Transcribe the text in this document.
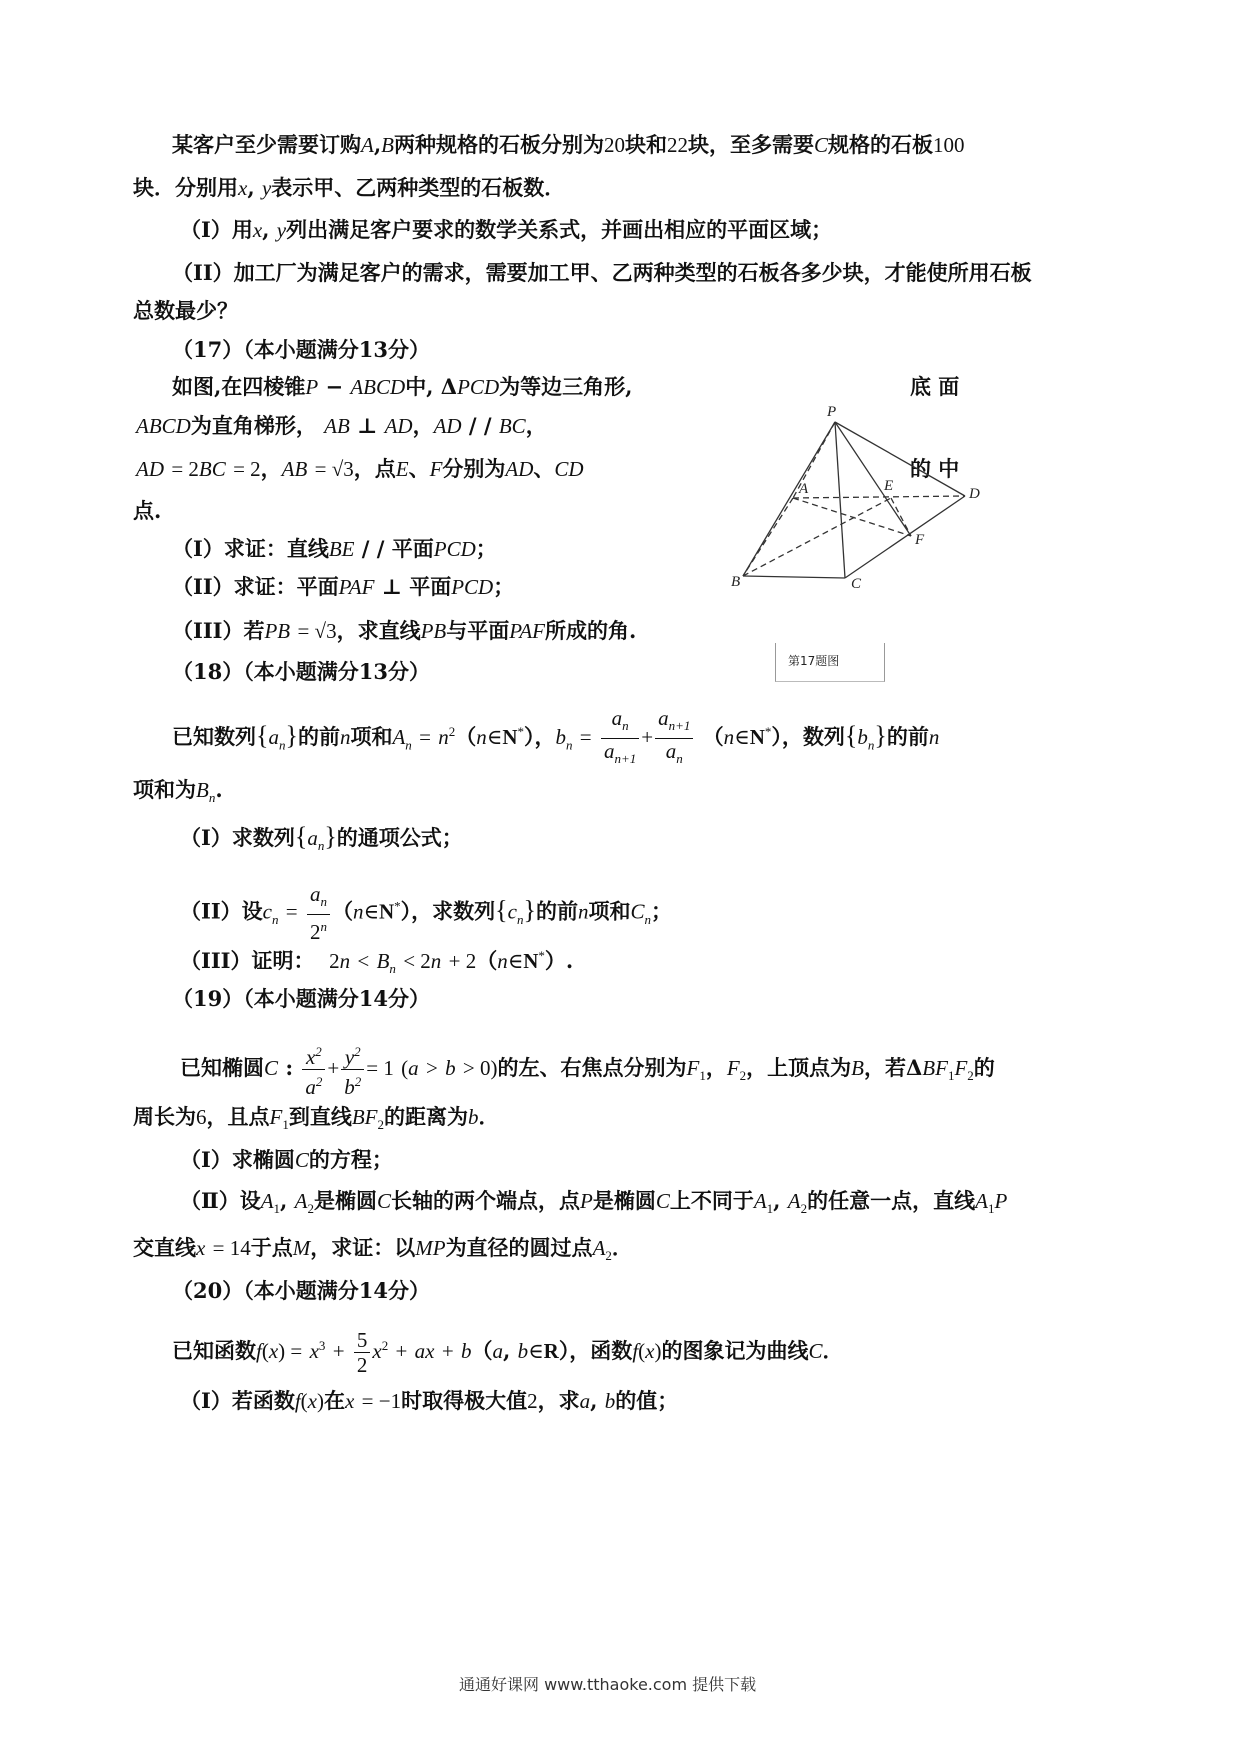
某客户至少需要订购A,B两种规格的石板分别为20块和22块，至多需要C规格的石板100
块．分别用x, y表示甲、乙两种类型的石板数．
（I）用x, y列出满足客户要求的数学关系式，并画出相应的平面区域；
（II）加工厂为满足客户的需求，需要加工甲、乙两种类型的石板各多少块，才能使所用石板
总数最少？
（17）（本小题满分13分）
如图,在四棱锥P − ABCD中, ΔPCD为等边三角形,	底 面
ABCD为直角梯形， AB ⊥ AD，AD / / BC，
AD = 2BC = 2，AB = √3，点E、F分别为AD、CD	的 中
点.
（I）求证：直线BE / / 平面PCD；
（II）求证：平面PAF ⊥ 平面PCD；
（III）若PB = √3，求直线PB与平面PAF所成的角.
P
A	E	D
F
B	C
第17题图
（18）（本小题满分13分）
已知数列$\{a_n\}$的前n项和$A_n$ = $n^2(n\in N^*)$，$b_n = \frac{a_n}{a_{n+1}} + \frac{a_{n+1}}{a_n}$ （n∈N*），数列$\{b_n\}$的前n
项和为$B_n$.
（I）求数列$\{a_n\}$的通项公式；
（II）设$c_n = \frac{a_n}{2^n}$ （n∈N*），求数列$\{c_n\}$的前n项和$C_n$；
（III）证明：  $2n < B_n < 2n$ + 2（n∈N*）.
（19）（本小题满分14分）
已知椭圆C : $\frac{x^2}{a^2} + \frac{y^2}{b^2} = 1$ (a > b > 0)的左、右焦点分别为$F_1$，$F_2$，上顶点为B，若$\Delta BF_1F_2$的
周长为6，且点$F_1$到直线$BF_2$的距离为b．
（Ⅰ）求椭圆C的方程；
（Ⅱ）设$A_1$, $A_2$是椭圆C长轴的两个端点，点P是椭圆C上不同于$A_1$, $A_2$的任意一点，直线$A_1P$
交直线x = 14于点M，求证：以MP为直径的圆过点$A_2$．
（20）（本小题满分14分）
已知函数$f(x) = x^3 + \frac{5}{2} x^2$ + ax + b（a, b∈R），函数f(x)的图象记为曲线C．
（I）若函数f(x)在x = −1时取得极大值2，求a, b的值；
通通好课网 www.tthaoke.com 提供下载
